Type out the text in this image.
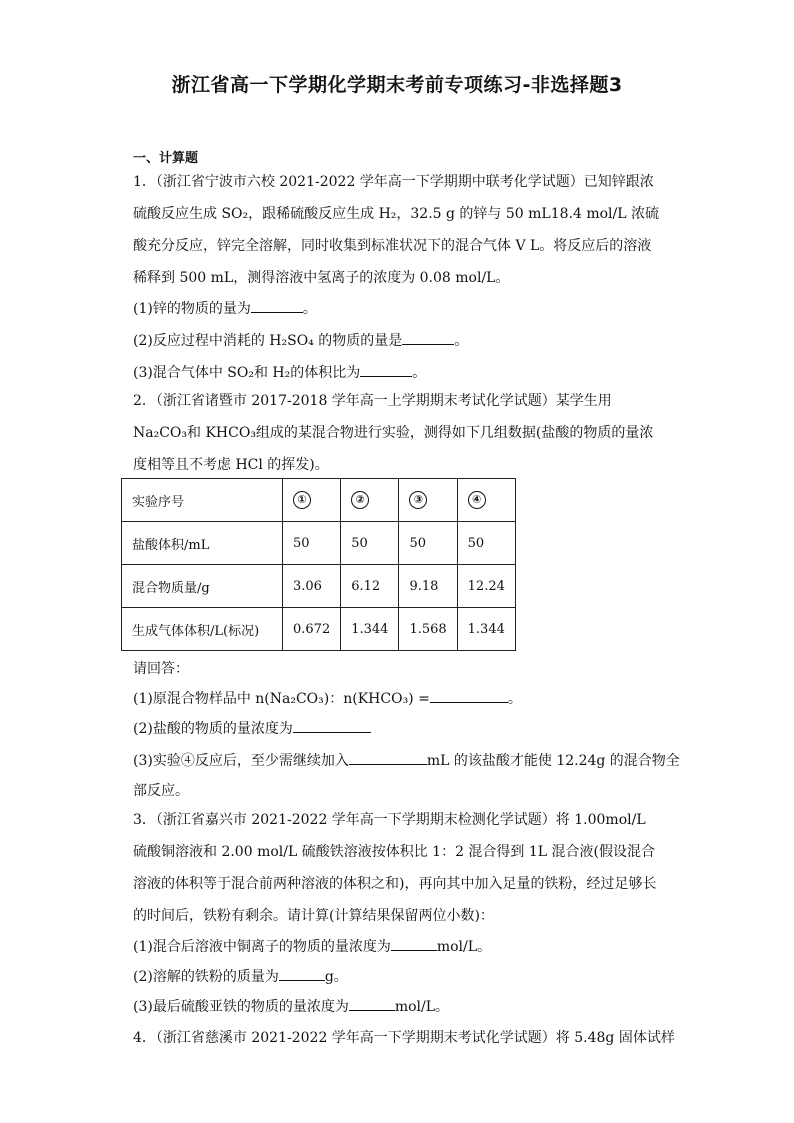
浙江省高一下学期化学期末考前专项练习-非选择题3
一、计算题
1．（浙江省宁波市六校 2021-2022 学年高一下学期期中联考化学试题）已知锌跟浓硫酸反应生成 SO₂，跟稀硫酸反应生成 H₂，32.5 g 的锌与 50 mL18.4 mol/L 浓硫酸充分反应，锌完全溶解，同时收集到标准状况下的混合气体 V L。将反应后的溶液稀释到 500 mL，测得溶液中氢离子的浓度为 0.08 mol/L。
(1)锌的物质的量为	。
(2)反应过程中消耗的 H₂SO₄ 的物质的量是	。
(3)混合气体中 SO₂和 H₂的体积比为	。
2．（浙江省诸暨市 2017-2018 学年高一上学期期末考试化学试题）某学生用 Na₂CO₃和 KHCO₃组成的某混合物进行实验，测得如下几组数据(盐酸的物质的量浓度相等且不考虑 HCl 的挥发)。
实验序号	①	②	③	④
盐酸体积/mL	50	50	50	50
混合物质量/g	3.06	6.12	9.18	12.24
生成气体体积/L(标况)	0.672	1.344	1.568	1.344
请回答：
(1)原混合物样品中 n(Na₂CO₃)：n(KHCO₃) =	。
(2)盐酸的物质的量浓度为
(3)实验④反应后，至少需继续加入	mL 的该盐酸才能使 12.24g 的混合物全
部反应。
3．（浙江省嘉兴市 2021-2022 学年高一下学期期末检测化学试题）将 1.00mol/L 硫酸铜溶液和 2.00 mol/L 硫酸铁溶液按体积比 1：2 混合得到 1L 混合液(假设混合溶液的体积等于混合前两种溶液的体积之和)，再向其中加入足量的铁粉，经过足够长的时间后，铁粉有剩余。请计算(计算结果保留两位小数)：
(1)混合后溶液中铜离子的物质的量浓度为	mol/L。
(2)溶解的铁粉的质量为	g。
(3)最后硫酸亚铁的物质的量浓度为	mol/L。
4．（浙江省慈溪市 2021-2022 学年高一下学期期末考试化学试题）将 5.48g 固体试样
